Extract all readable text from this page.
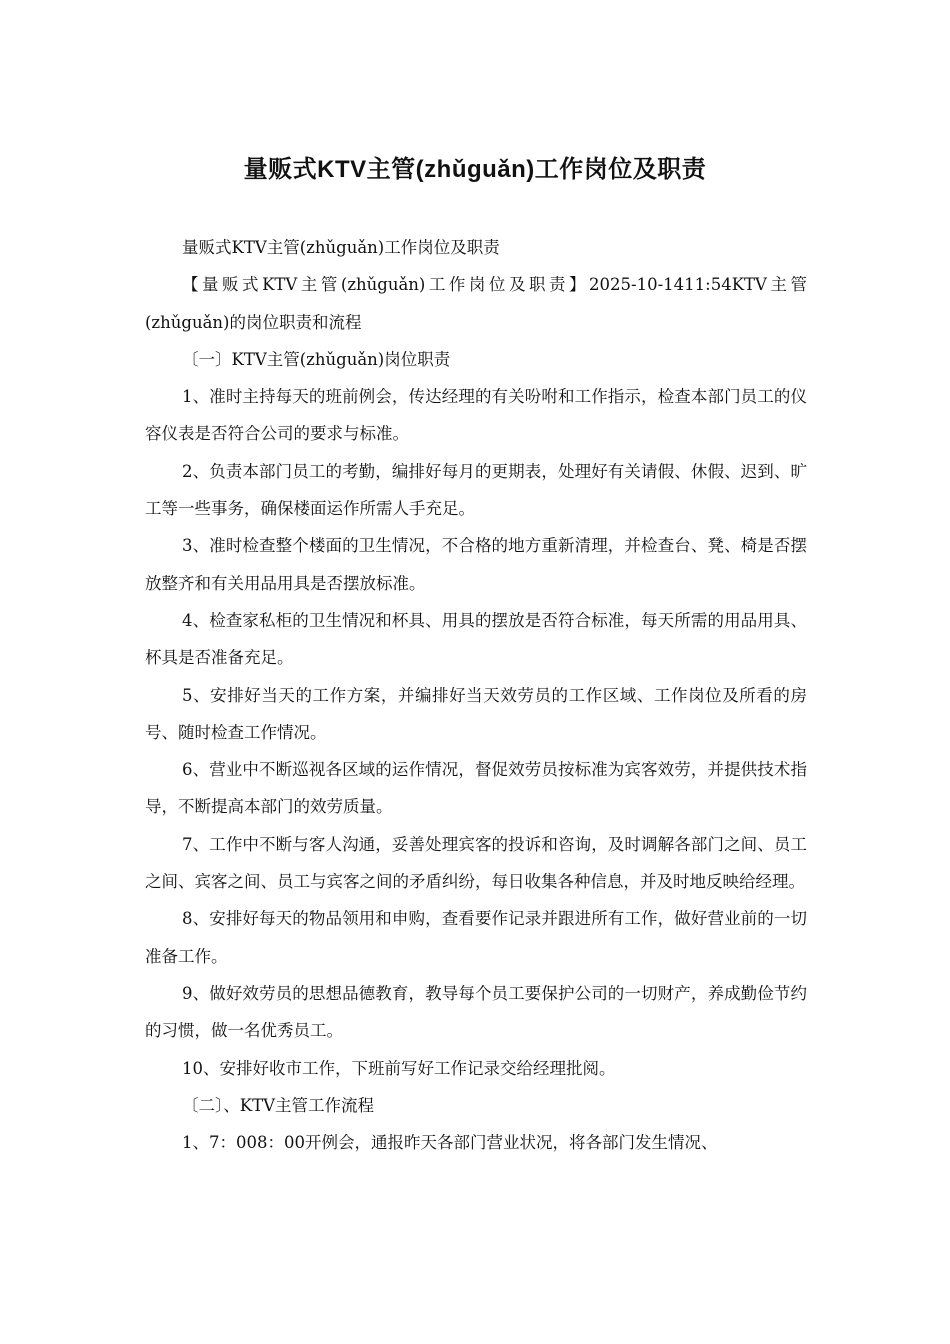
量贩式KTV主管(zhǔguǎn)工作岗位及职责

量贩式KTV主管(zhǔguǎn)工作岗位及职责

【量贩式KTV主管(zhǔguǎn)工作岗位及职责】2025-10-1411:54KTV主管(zhǔguǎn)的岗位职责和流程

〔一〕KTV主管(zhǔguǎn)岗位职责

1、准时主持每天的班前例会，传达经理的有关吩咐和工作指示，检查本部门员工的仪容仪表是否符合公司的要求与标准。

2、负责本部门员工的考勤，编排好每月的更期表，处理好有关请假、休假、迟到、旷工等一些事务，确保楼面运作所需人手充足。

3、准时检查整个楼面的卫生情况，不合格的地方重新清理，并检查台、凳、椅是否摆放整齐和有关用品用具是否摆放标准。

4、检查家私柜的卫生情况和杯具、用具的摆放是否符合标准，每天所需的用品用具、杯具是否准备充足。

5、安排好当天的工作方案，并编排好当天效劳员的工作区域、工作岗位及所看的房号、随时检查工作情况。

6、营业中不断巡视各区域的运作情况，督促效劳员按标准为宾客效劳，并提供技术指导，不断提高本部门的效劳质量。

7、工作中不断与客人沟通，妥善处理宾客的投诉和咨询，及时调解各部门之间、员工之间、宾客之间、员工与宾客之间的矛盾纠纷，每日收集各种信息，并及时地反映给经理。

8、安排好每天的物品领用和申购，查看要作记录并跟进所有工作，做好营业前的一切准备工作。

9、做好效劳员的思想品德教育，教导每个员工要保护公司的一切财产，养成勤俭节约的习惯，做一名优秀员工。

10、安排好收市工作，下班前写好工作记录交给经理批阅。

〔二〕、KTV主管工作流程

1、7：008：00开例会，通报昨天各部门营业状况，将各部门发生情况、
